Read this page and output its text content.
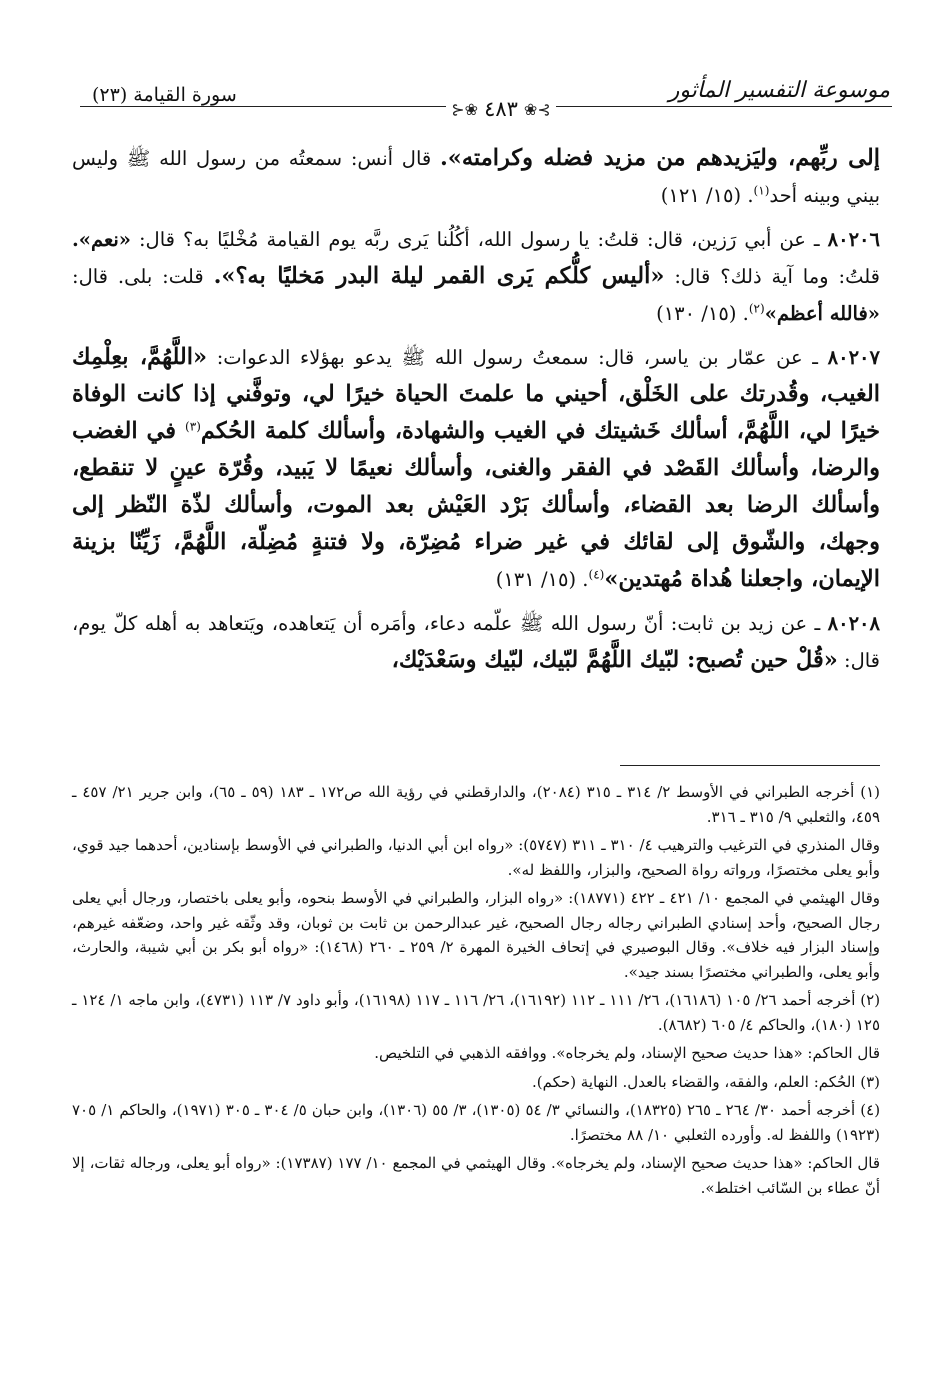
موسوعة التفسير المأثور
سورة القيامة (٢٣)
⊱❀
٤٨٣
❀⊰

إلى ربِّهم، وليَزيدهم من مزيد فضله وكرامته». قال أنس: سمعتُه من رسول الله ﷺ وليس بيني وبينه أحد$^{(١)}$. (١٥/ ١٢١)

٨٠٢٠٦ ـ عن أبي رَزين، قال: قلتُ: يا رسول الله، أكُلُنا يَرى ربَّه يوم القيامة مُخْليًا به؟ قال: «نعم». قلتُ: وما آية ذلك؟ قال: «أليس كلُّكم يَرى القمر ليلة البدر مَخليًا به؟». قلت: بلى. قال: «فالله أعظم»$^{(٢)}$. (١٥/ ١٣٠)

٨٠٢٠٧ ـ عن عمّار بن ياسر، قال: سمعتُ رسول الله ﷺ يدعو بهؤلاء الدعوات: «اللَّهُمَّ، بعِلْمِك الغيب، وقُدرتك على الخَلْق، أحيني ما علمتَ الحياة خيرًا لي، وتوفَّني إذا كانت الوفاة خيرًا لي، اللَّهُمَّ، أسألك خَشيتك في الغيب والشهادة، وأسألك كلمة الحُكم$^{(٣)}$ في الغضب والرضا، وأسألك القَصْد في الفقر والغنى، وأسألك نعيمًا لا يَبيد، وقُرّة عينٍ لا تنقطع، وأسألك الرضا بعد القضاء، وأسألك بَرْد العَيْش بعد الموت، وأسألك لذّة النّظر إلى وجهك، والشّوق إلى لقائك في غير ضراء مُضِرّة، ولا فتنةٍ مُضِلّة، اللَّهُمَّ، زَيِّنّا بزينة الإيمان، واجعلنا هُداة مُهتدين»$^{(٤)}$. (١٥/ ١٣١)

٨٠٢٠٨ ـ عن زيد بن ثابت: أنّ رسول الله ﷺ علّمه دعاء، وأمَره أن يَتعاهده، ويَتعاهد به أهله كلّ يوم، قال: «قُلْ حين تُصبح: لبّيك اللَّهُمَّ لبّيك، لبّيك وسَعْدَيْك،

(١) أخرجه الطبراني في الأوسط ٢/ ٣١٤ ـ ٣١٥ (٢٠٨٤)، والدارقطني في رؤية الله ص١٧٢ ـ ١٨٣ (٥٩ ـ ٦٥)، وابن جرير ٢١/ ٤٥٧ ـ ٤٥٩، والثعلبي ٩/ ٣١٥ ـ ٣١٦.

وقال المنذري في الترغيب والترهيب ٤/ ٣١٠ ـ ٣١١ (٥٧٤٧): «رواه ابن أبي الدنيا، والطبراني في الأوسط بإسنادين، أحدهما جيد قوي، وأبو يعلى مختصرًا، ورواته رواة الصحيح، والبزار، واللفظ له».

وقال الهيثمي في المجمع ١٠/ ٤٢١ ـ ٤٢٢ (١٨٧٧١): «رواه البزار، والطبراني في الأوسط بنحوه، وأبو يعلى باختصار، ورجال أبي يعلى رجال الصحيح، وأحد إسنادي الطبراني رجاله رجال الصحيح، غير عبدالرحمن بن ثابت بن ثوبان، وقد وثّقه غير واحد، وضعّفه غيرهم، وإسناد البزار فيه خلاف». وقال البوصيري في إتحاف الخيرة المهرة ٢/ ٢٥٩ ـ ٢٦٠ (١٤٦٨): «رواه أبو بكر بن أبي شيبة، والحارث، وأبو يعلى، والطبراني مختصرًا بسند جيد».

(٢) أخرجه أحمد ٢٦/ ١٠٥ (١٦١٨٦)، ٢٦/ ١١١ ـ ١١٢ (١٦١٩٢)، ٢٦/ ١١٦ ـ ١١٧ (١٦١٩٨)، وأبو داود ٧/ ١١٣ (٤٧٣١)، وابن ماجه ١/ ١٢٤ ـ ١٢٥ (١٨٠)، والحاكم ٤/ ٦٠٥ (٨٦٨٢).

قال الحاكم: «هذا حديث صحيح الإسناد، ولم يخرجاه». ووافقه الذهبي في التلخيص.

(٣) الحُكم: العلم، والفقه، والقضاء بالعدل. النهاية (حكم).

(٤) أخرجه أحمد ٣٠/ ٢٦٤ ـ ٢٦٥ (١٨٣٢٥)، والنسائي ٣/ ٥٤ (١٣٠٥)، ٣/ ٥٥ (١٣٠٦)، وابن حبان ٥/ ٣٠٤ ـ ٣٠٥ (١٩٧١)، والحاكم ١/ ٧٠٥ (١٩٢٣) واللفظ له. وأورده الثعلبي ١٠/ ٨٨ مختصرًا.

قال الحاكم: «هذا حديث صحيح الإسناد، ولم يخرجاه». وقال الهيثمي في المجمع ١٠/ ١٧٧ (١٧٣٨٧): «رواه أبو يعلى، ورجاله ثقات، إلا أنّ عطاء بن السّائب اختلط».
